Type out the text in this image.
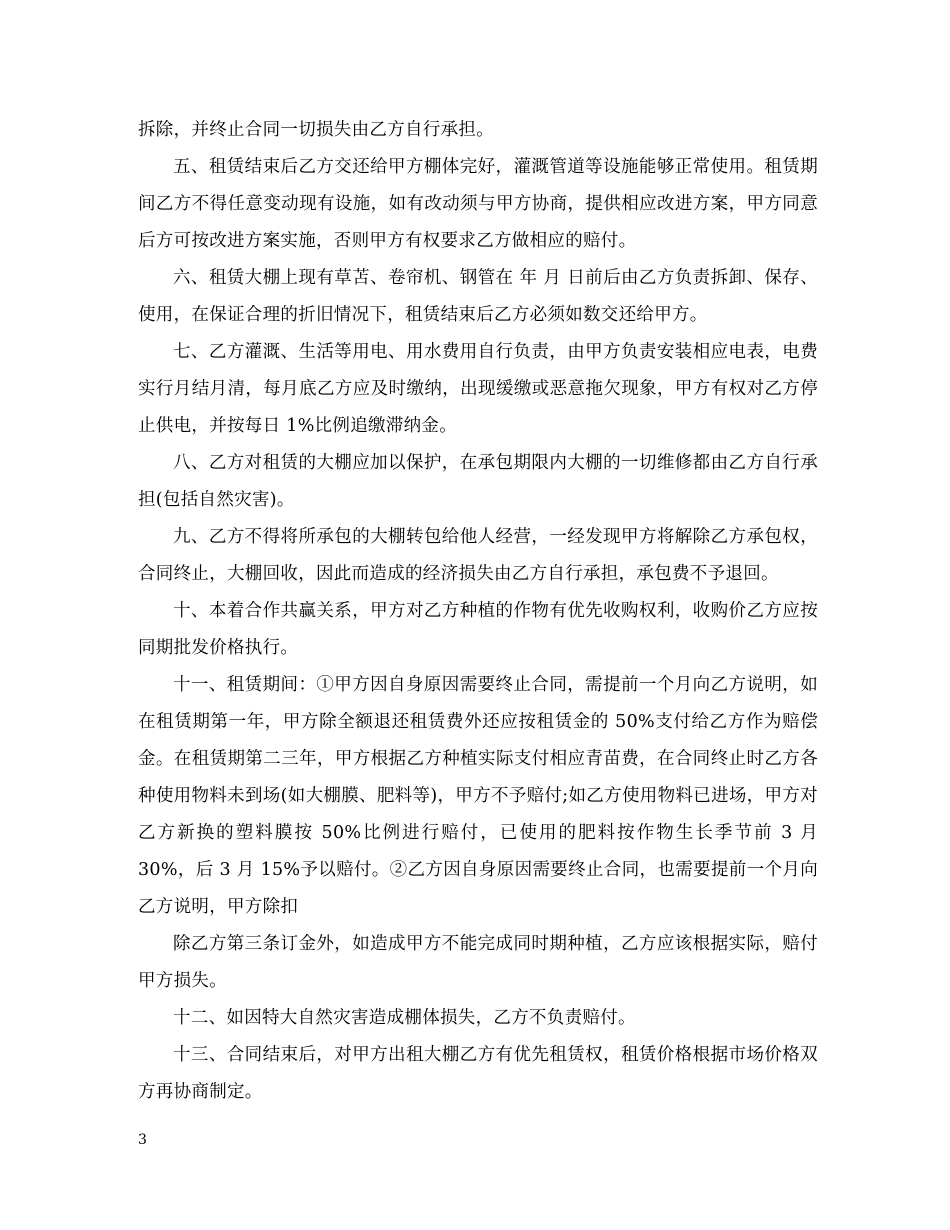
拆除，并终止合同一切损失由乙方自行承担。

五、租赁结束后乙方交还给甲方棚体完好，灌溉管道等设施能够正常使用。租赁期间乙方不得任意变动现有设施，如有改动须与甲方协商，提供相应改进方案，甲方同意后方可按改进方案实施，否则甲方有权要求乙方做相应的赔付。

六、租赁大棚上现有草苫、卷帘机、钢管在 年 月 日前后由乙方负责拆卸、保存、使用，在保证合理的折旧情况下，租赁结束后乙方必须如数交还给甲方。

七、乙方灌溉、生活等用电、用水费用自行负责，由甲方负责安装相应电表，电费实行月结月清，每月底乙方应及时缴纳，出现缓缴或恶意拖欠现象，甲方有权对乙方停止供电，并按每日 1%比例追缴滞纳金。

八、乙方对租赁的大棚应加以保护，在承包期限内大棚的一切维修都由乙方自行承担(包括自然灾害)。

九、乙方不得将所承包的大棚转包给他人经营，一经发现甲方将解除乙方承包权，合同终止，大棚回收，因此而造成的经济损失由乙方自行承担，承包费不予退回。

十、本着合作共赢关系，甲方对乙方种植的作物有优先收购权利，收购价乙方应按同期批发价格执行。

十一、租赁期间：①甲方因自身原因需要终止合同，需提前一个月向乙方说明，如在租赁期第一年，甲方除全额退还租赁费外还应按租赁金的 50%支付给乙方作为赔偿金。在租赁期第二三年，甲方根据乙方种植实际支付相应青苗费，在合同终止时乙方各种使用物料未到场(如大棚膜、肥料等)，甲方不予赔付;如乙方使用物料已进场，甲方对乙方新换的塑料膜按 50%比例进行赔付，已使用的肥料按作物生长季节前 3 月 30%，后 3 月 15%予以赔付。②乙方因自身原因需要终止合同，也需要提前一个月向乙方说明，甲方除扣

除乙方第三条订金外，如造成甲方不能完成同时期种植，乙方应该根据实际，赔付甲方损失。

十二、如因特大自然灾害造成棚体损失，乙方不负责赔付。

十三、合同结束后，对甲方出租大棚乙方有优先租赁权，租赁价格根据市场价格双方再协商制定。

3
